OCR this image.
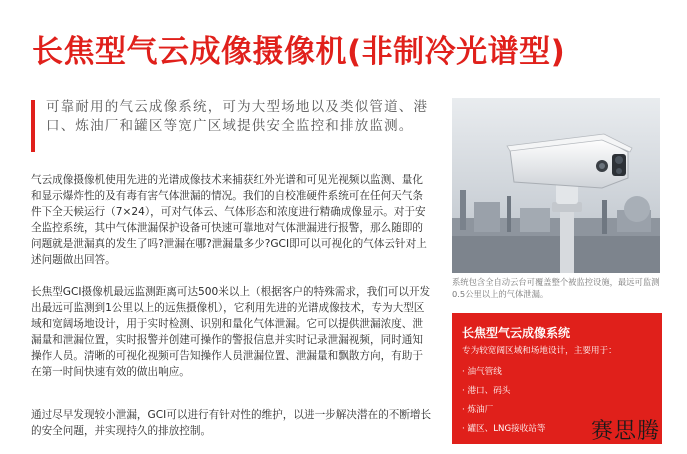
长焦型气云成像摄像机(非制冷光谱型)
可靠耐用的气云成像系统，可为大型场地以及类似管道、港口、炼油厂和罐区等宽广区域提供安全监控和排放监测。
气云成像摄像机使用先进的光谱成像技术来捕获红外光谱和可见光视频以监测、量化和显示爆炸性的及有毒有害气体泄漏的情况。我们的自校准硬件系统可在任何天气条件下全天候运行（7×24），可对气体云、气体形态和浓度进行精确成像显示。对于安全监控系统，其中气体泄漏保护设备可快速可靠地对气体泄漏进行报警，那么随即的问题就是泄漏真的发生了吗?泄漏在哪?泄漏量多少?GCI即可以可视化的气体云针对上述问题做出回答。
长焦型GCI摄像机最远监测距离可达500米以上（根据客户的特殊需求，我们可以开发出最远可监测到1公里以上的远焦摄像机），它利用先进的光谱成像技术，专为大型区域和宽阔场地设计，用于实时检测、识别和量化气体泄漏。它可以提供泄漏浓度、泄漏量和泄漏位置，实时报警并创建可操作的警报信息并实时记录泄漏视频，同时通知操作人员。清晰的可视化视频可告知操作人员泄漏位置、泄漏量和飘散方向，有助于在第一时间快速有效的做出响应。
通过尽早发现较小泄漏，GCI可以进行有针对性的维护，以进一步解决潜在的不断增长的安全问题，并实现持久的排放控制。
系统包含全自动云台可覆盖整个被监控设施，最远可监测0.5公里以上的气体泄漏。
长焦型气云成像系统
专为较宽阔区域和场地设计，主要用于：
· 油气管线
· 港口、码头
· 炼油厂
· 罐区、LNG接收站等 赛思腾
